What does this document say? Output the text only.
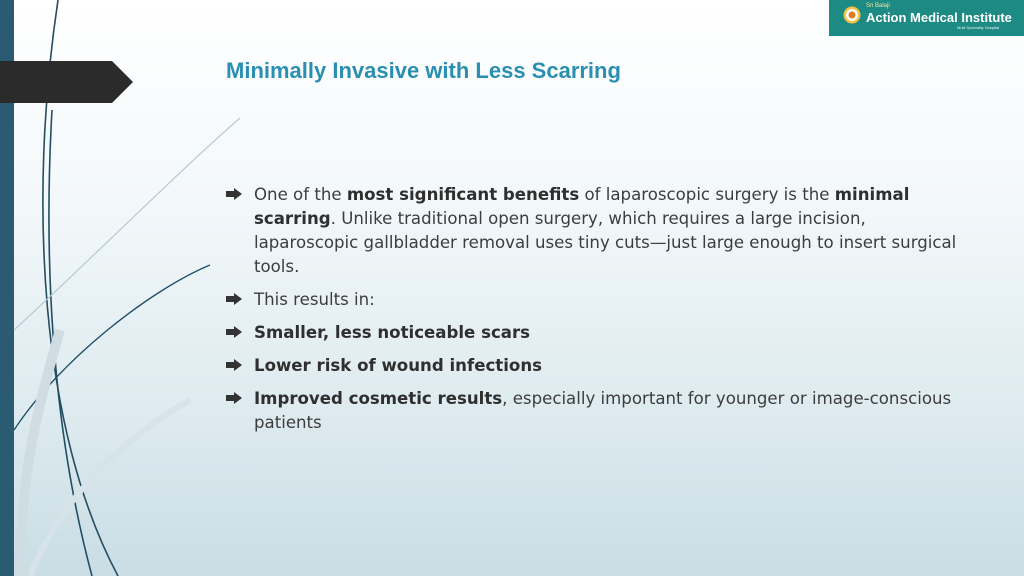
Minimally Invasive with Less Scarring
Sri Balaji
Action Medical Institute
Multi Speciality Hospital
One of the most significant benefits of laparoscopic surgery is the minimal scarring. Unlike traditional open surgery, which requires a large incision, laparoscopic gallbladder removal uses tiny cuts—just large enough to insert surgical tools.
This results in:
Smaller, less noticeable scars
Lower risk of wound infections
Improved cosmetic results, especially important for younger or image-conscious patients
